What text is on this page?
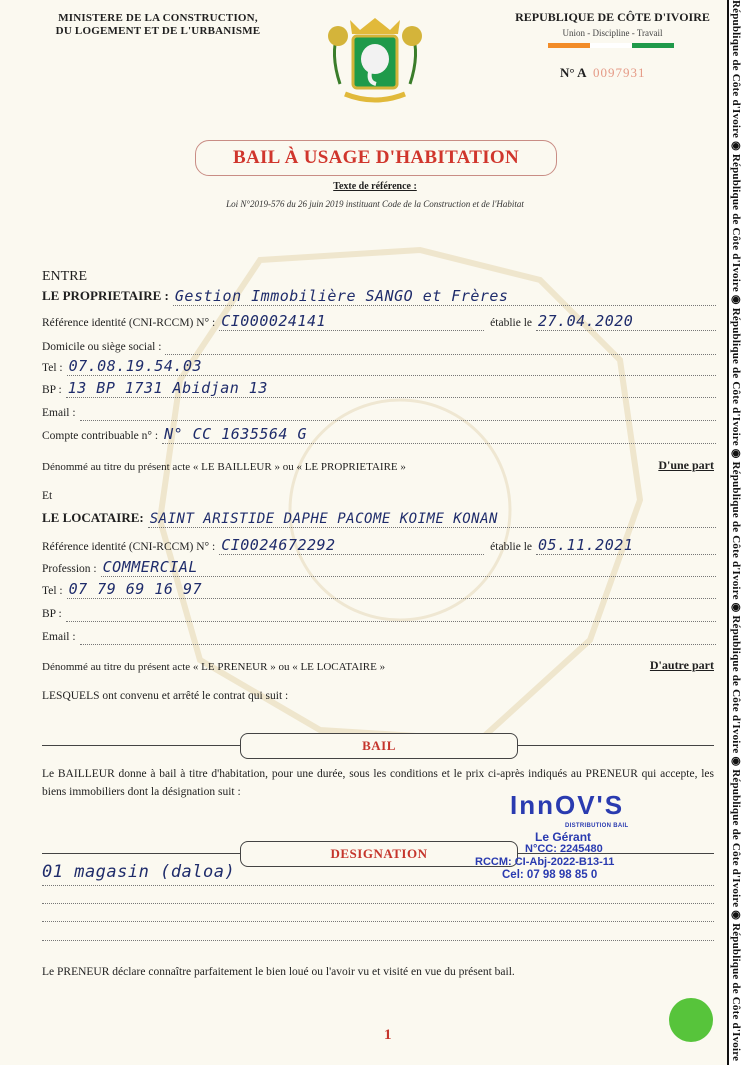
MINISTERE DE LA CONSTRUCTION,
DU LOGEMENT ET DE L'URBANISME
REPUBLIQUE DE CÔTE D'IVOIRE
Union - Discipline - Travail
N° A 0097931
BAIL À USAGE D'HABITATION
Texte de référence :
Loi N°2019-576 du 26 juin 2019 instituant Code de la Construction et de l'Habitat
ENTRE
LE PROPRIETAIRE : Gestion Immobilière SANGO et Frères
Référence identité (CNI-RCCM) N° : CI000024141	établie le 27.04.2020
Domicile ou siège social :
Tel : 07.08.19.54.03
BP : 13 BP 1731 Abidjan 13
Email :
Compte contribuable n° : N° CC 1635564 G
Dénommé au titre du présent acte « LE BAILLEUR » ou « LE PROPRIETAIRE »	D'une part
Et
LE LOCATAIRE: SAINT ARISTIDE DAPHE PACOME KOIME KONAN
Référence identité (CNI-RCCM) N° : CI0024672292	établie le 05.11.2021
Profession : COMMERCIAL
Tel : 07 79 69 16 97
BP :
Email :
Dénommé au titre du présent acte « LE PRENEUR » ou « LE LOCATAIRE »	D'autre part
LESQUELS ont convenu et arrêté le contrat qui suit :
BAIL
Le BAILLEUR donne à bail à titre d'habitation, pour une durée, sous les conditions et le prix ci-après indiqués au PRENEUR qui accepte, les biens immobiliers dont la désignation suit :
DESIGNATION
01 magasin (daloa)
InnOV'S
DISTRIBUTION BAIL
Le Gérant
N°CC: 2245480
RCCM: CI-Abj-2022-B13-11
Cel: 07 98 98 85 0
Le PRENEUR déclare connaître parfaitement le bien loué ou l'avoir vu et visité en vue du présent bail.
1
République de Côte d'Ivoire ◉ République de Côte d'Ivoire ◉ République de Côte d'Ivoire ◉ République de Côte d'Ivoire ◉ République de Côte d'Ivoire ◉ République de Côte d'Ivoire ◉ République de Côte d'Ivoire
